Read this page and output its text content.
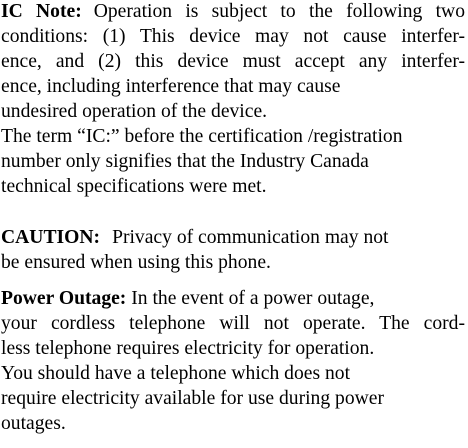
IC Note: Operation is subject to the following two
conditions: (1) This device may not cause interfer-
ence, and (2) this device must accept any interfer-
ence, including interference that may cause
undesired operation of the device.
The term “IC:” before the certification /registration
number only signifies that the Industry Canada
technical specifications were met.
CAUTION: Privacy of communication may not
be ensured when using this phone.
Power Outage: In the event of a power outage,
your cordless telephone will not operate. The cord-
less telephone requires electricity for operation.
You should have a telephone which does not
require electricity available for use during power
outages.
